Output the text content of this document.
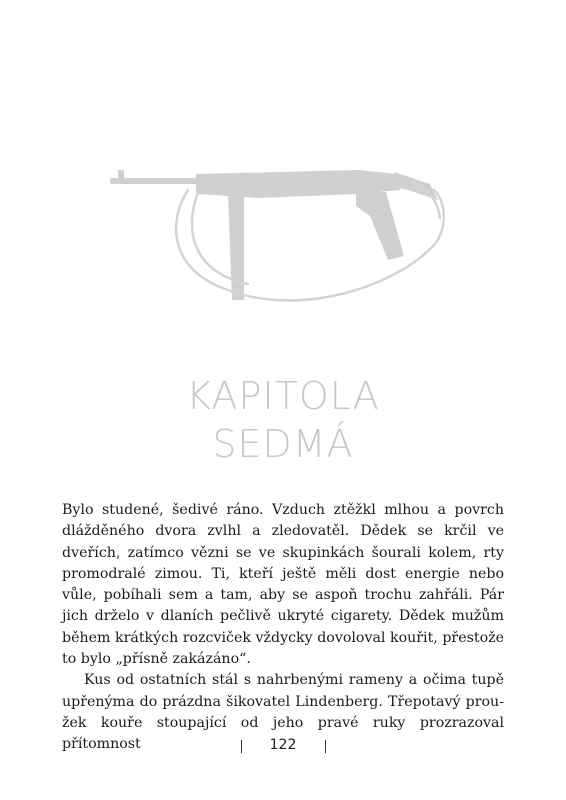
KAPITOLA
SEDMÁ

Bylo studené, šedivé ráno. Vzduch ztěžkl mlhou a povrch dlážděného dvora zvlhl a zledovatěl. Dědek se krčil ve dveřích, zatímco vězni se ve skupinkách šourali kolem, rty promodralé zimou. Ti, kteří ještě měli dost energie nebo vůle, pobíhali sem a tam, aby se aspoň trochu zahřáli. Pár jich drželo v dlaních pečlivě ukryté cigarety. Dědek mužům během krátkých rozcviček vždycky dovoloval kouřit, přestože to bylo „přísně zakázáno“.

Kus od ostatních stál s nahrbenými rameny a očima tupě upřenýma do prázdna šikovatel Lindenberg. Třepotavý proužek kouře stoupající od jeho pravé ruky prozrazoval přítomnost	122
